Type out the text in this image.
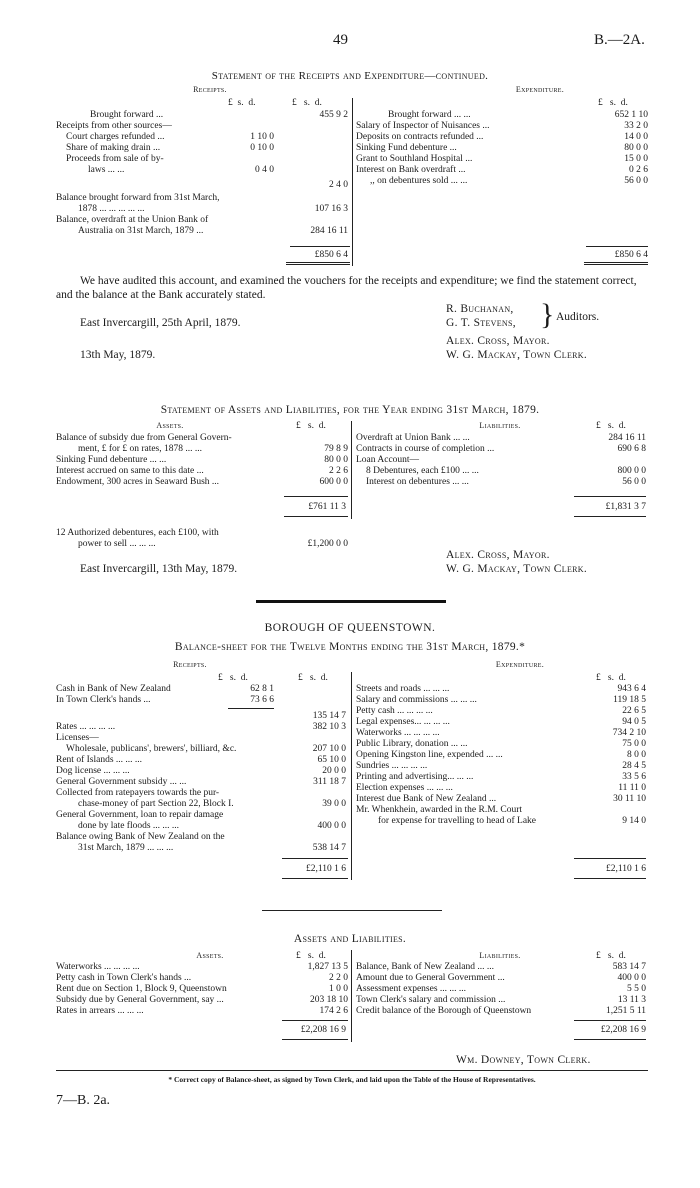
49	B.—2A.
Statement of the Receipts and Expenditure—continued.
Receipts.	Expenditure.
£ s. d.	£ s. d.	£ s. d.
Brought forward ...	455 9 2
Receipts from other sources—
Court charges refunded ...	1 10 0
Share of making drain ...	0 10 0
Proceeds from sale of by-
laws ... ...	0 4 0
2 4 0
Balance brought forward from 31st March,
1878 ... ... ... ... ...	107 16 3
Balance, overdraft at the Union Bank of
Australia on 31st March, 1879 ...	284 16 11
£850 6 4
Brought forward ... ...	652 1 10
Salary of Inspector of Nuisances ...	33 2 0
Deposits on contracts refunded ...	14 0 0
Sinking Fund debenture ...	80 0 0
Grant to Southland Hospital ...	15 0 0
Interest on Bank overdraft ...	0 2 6
,, on debentures sold ... ...	56 0 0
£850 6 4
We have audited this account, and examined the vouchers for the receipts and expenditure; we find the statement correct, and the balance at the Bank accurately stated.
R. Buchanan,
G. T. Stevens, } Auditors.
East Invercargill, 25th April, 1879.
Alex. Cross, Mayor.
13th May, 1879.	W. G. Mackay, Town Clerk.
Statement of Assets and Liabilities, for the Year ending 31st March, 1879.
Assets.	£ s. d.	Liabilities.	£ s. d.
Balance of subsidy due from General Govern-
ment, £ for £ on rates, 1878 ... ...	79 8 9
Sinking Fund debenture ... ...	80 0 0
Interest accrued on same to this date ...	2 2 6
Endowment, 300 acres in Seaward Bush ...	600 0 0
£761 11 3
Overdraft at Union Bank ... ...	284 16 11
Contracts in course of completion ...	690 6 8
Loan Account—
8 Debentures, each £100 ... ...	800 0 0
Interest on debentures ... ...	56 0 0
£1,831 3 7
12 Authorized debentures, each £100, with
power to sell ... ... ...	£1,200 0 0
Alex. Cross, Mayor.
East Invercargill, 13th May, 1879.	W. G. Mackay, Town Clerk.
BOROUGH OF QUEENSTOWN.
Balance-sheet for the Twelve Months ending the 31st March, 1879.*
Receipts.	Expenditure.
£ s. d.	£ s. d.	£ s. d.
Cash in Bank of New Zealand	62 8 1
In Town Clerk's hands ...	73 6 6
135 14 7
Rates ... ... ... ...	382 10 3
Licenses—
Wholesale, publicans', brewers', billiard, &c.	207 10 0
Rent of Islands ... ... ...	65 10 0
Dog license ... ... ...	20 0 0
General Government subsidy ... ...	311 18 7
Collected from ratepayers towards the pur-
chase-money of part Section 22, Block I.	39 0 0
General Government, loan to repair damage
done by late floods ... ... ...	400 0 0
Balance owing Bank of New Zealand on the
31st March, 1879 ... ... ...	538 14 7
£2,110 1 6
Streets and roads ... ... ...	943 6 4
Salary and commissions ... ... ...	119 18 5
Petty cash ... ... ... ...	22 6 5
Legal expenses... ... ... ...	94 0 5
Waterworks ... ... ... ...	734 2 10
Public Library, donation ... ...	75 0 0
Opening Kingston line, expended ... ...	8 0 0
Sundries ... ... ... ...	28 4 5
Printing and advertising... ... ...	33 5 6
Election expenses ... ... ...	11 11 0
Interest due Bank of New Zealand ...	30 11 10
Mr. Whenkhein, awarded in the R.M. Court
for expense for travelling to head of Lake	9 14 0
£2,110 1 6
Assets and Liabilities.
Assets.	£ s. d.	Liabilities.	£ s. d.
Waterworks ... ... ... ...	1,827 13 5
Petty cash in Town Clerk's hands ...	2 2 0
Rent due on Section 1, Block 9, Queenstown	1 0 0
Subsidy due by General Government, say ...	203 18 10
Rates in arrears ... ... ...	174 2 6
£2,208 16 9
Balance, Bank of New Zealand ... ...	583 14 7
Amount due to General Government ...	400 0 0
Assessment expenses ... ... ...	5 5 0
Town Clerk's salary and commission ...	13 11 3
Credit balance of the Borough of Queenstown	1,251 5 11
£2,208 16 9
Wm. Downey, Town Clerk.
* Correct copy of Balance-sheet, as signed by Town Clerk, and laid upon the Table of the House of Representatives.
7—B. 2a.
